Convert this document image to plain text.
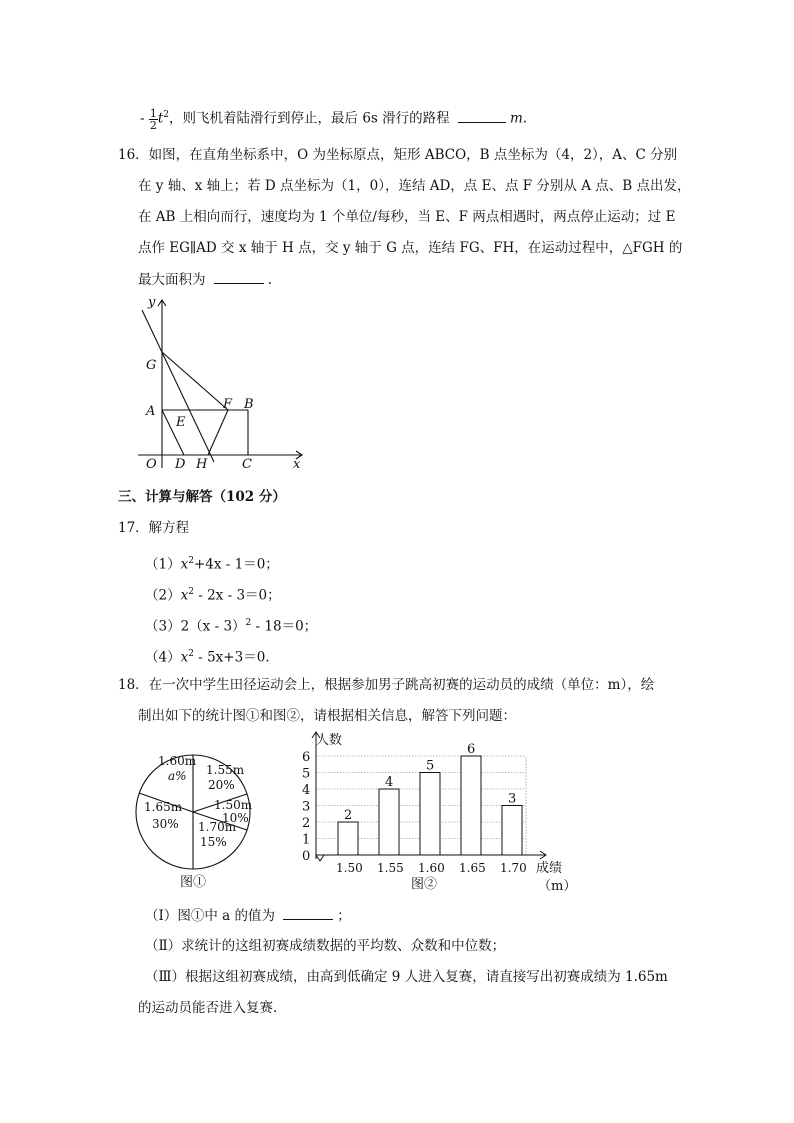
- $\frac{1}{2} t^2$，则飞机着陆滑行到停止，最后 6s 滑行的路程	m.
16．如图，在直角坐标系中，O 为坐标原点，矩形 ABCO，B 点坐标为（4，2），A、C 分别
在 y 轴、x 轴上；若 D 点坐标为（1，0），连结 AD，点 E、点 F 分别从 A 点、B 点出发，
在 AB 上相向而行，速度均为 1 个单位/每秒，当 E、F 两点相遇时，两点停止运动；过 E
点作 EG∥AD 交 x 轴于 H 点，交 y 轴于 G 点，连结 FG、FH，在运动过程中，△FGH 的
最大面积为	.
y
x
G
A
E
F B
O D H	C
三、计算与解答（102 分）
17．解方程
$(1)x^2+4x - 1=0$；
$(2)x^2 - 2x - 3=0$；
（3）2（x - 3）$^2$ - 18＝0；
$(4)x^2 - 5x+3=0$.
18．在一次中学生田径运动会上，根据参加男子跳高初赛的运动员的成绩（单位：m），绘
制出如下的统计图①和图②，请根据相关信息，解答下列问题：
1.60m
a% 1.55m
20%
1.50m
10%
1.70m
15%
1.65m
30%
图①
人数
成绩
（m）
图②
0
1
2
3
4
5
6
2
1.50
4
1.55
5
1.60
6
1.65
3
1.70
（Ⅰ）图①中 a 的值为	；
（Ⅱ）求统计的这组初赛成绩数据的平均数、众数和中位数；
（Ⅲ）根据这组初赛成绩，由高到低确定 9 人进入复赛，请直接写出初赛成绩为 1.65m
的运动员能否进入复赛.
